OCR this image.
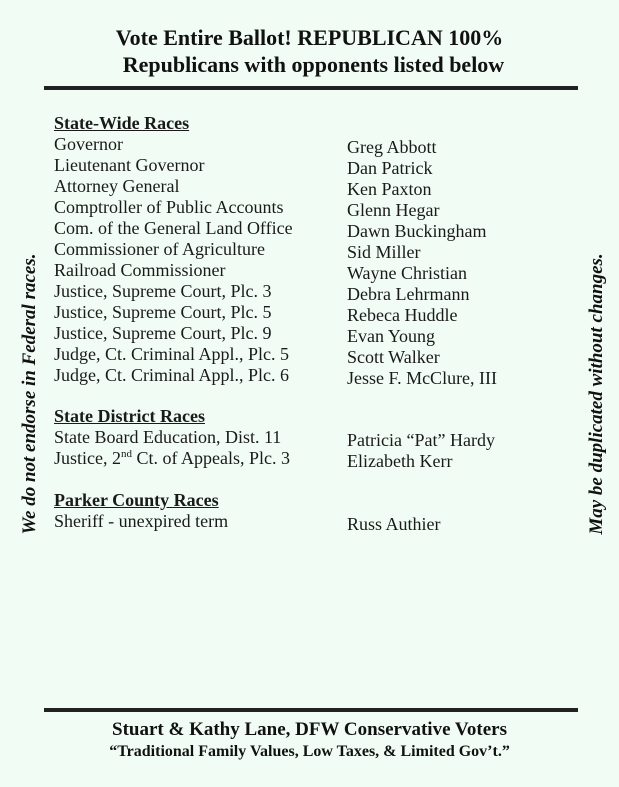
Vote Entire Ballot! REPUBLICAN 100%
Republicans with opponents listed below
We do not endorse in Federal races.	May be duplicated without changes.
State-Wide Races
Governor	Greg Abbott
Lieutenant Governor	Dan Patrick
Attorney General	Ken Paxton
Comptroller of Public Accounts	Glenn Hegar
Com. of the General Land Office	Dawn Buckingham
Commissioner of Agriculture	Sid Miller
Railroad Commissioner	Wayne Christian
Justice, Supreme Court, Plc. 3	Debra Lehrmann
Justice, Supreme Court, Plc. 5	Rebeca Huddle
Justice, Supreme Court, Plc. 9	Evan Young
Judge, Ct. Criminal Appl., Plc. 5	Scott Walker
Judge, Ct. Criminal Appl., Plc. 6	Jesse F. McClure, III
State District Races
State Board Education, Dist. 11	Patricia “Pat” Hardy
Justice, 2nd Ct. of Appeals, Plc. 3	Elizabeth Kerr
Parker County Races
Sheriff - unexpired term	Russ Authier
Stuart & Kathy Lane, DFW Conservative Voters
“Traditional Family Values, Low Taxes, & Limited Gov’t.”
